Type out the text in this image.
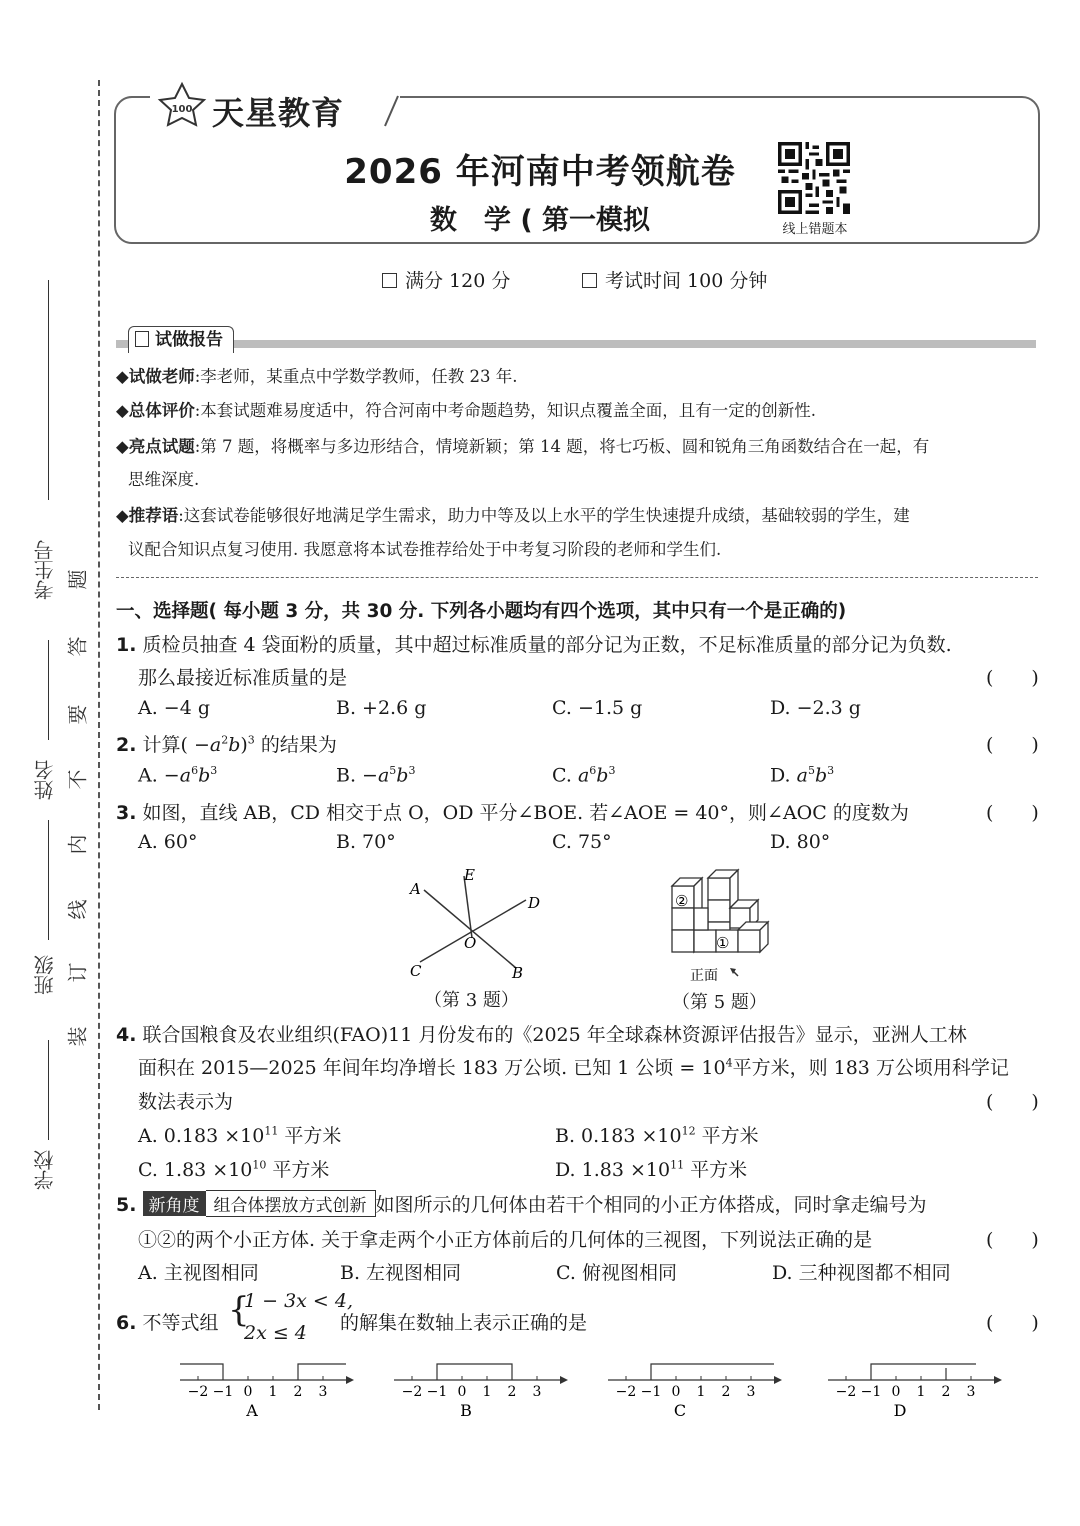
考生号
姓名
班级
学校
题
答
要
不
内
线
订
装
100 天星教育
2026 年河南中考领航卷
数　学 ( 第一模拟	线上错题本
满分 120 分	考试时间 100 分钟
试做报告
◆试做老师:李老师，某重点中学数学教师，任教 23 年.
◆总体评价:本套试题难易度适中，符合河南中考命题趋势，知识点覆盖全面，且有一定的创新性.
◆亮点试题:第 7 题，将概率与多边形结合，情境新颖；第 14 题，将七巧板、圆和锐角三角函数结合在一起，有
思维深度.
◆推荐语:这套试卷能够很好地满足学生需求，助力中等及以上水平的学生快速提升成绩，基础较弱的学生，建
议配合知识点复习使用. 我愿意将本试卷推荐给处于中考复习阶段的老师和学生们.
一、选择题( 每小题 3 分，共 30 分. 下列各小题均有四个选项，其中只有一个是正确的)
1. 质检员抽查 4 袋面粉的质量，其中超过标准质量的部分记为正数，不足标准质量的部分记为负数.
那么最接近标准质量的是	(　　)
A. −4 g	B. +2.6 g	C. −1.5 g	D. −2.3 g
2. 计算( $-a^2b)^3$ 的结果为	(　　)
A. $-a^6b^3$	B. $-a^5b^3$	C. $a^6b^3$	D. $a^5b^3$
3. 如图，直线 AB，CD 相交于点 O，OD 平分∠BOE. 若∠AOE = 40°，则∠AOC 的度数为	(　　)
A. 60°	B. 70°	C. 75°	D. 80°
A
E
D
O
C	B
（第 3 题）
②
①
正面
（第 5 题）
4. 联合国粮食及农业组织(FAO)11 月份发布的《2025 年全球森林资源评估报告》显示，亚洲人工林
面积在 2015—2025 年间年均净增长 183 万公顷. 已知 1 公顷 = $10^4$平方米，则 183 万公顷用科学记
数法表示为	(　　)
A. $0.183 \times 10^{11}$ 平方米	B. $0.183 \times 10^{12}$ 平方米
C. $1.83 \times 10^{10}$ 平方米	D. $1.83 \times 10^{11}$ 平方米
5. 新角度 组合体摆放方式创新 如图所示的几何体由若干个相同的小正方体搭成，同时拿走编号为
①②的两个小正方体. 关于拿走两个小正方体前后的几何体的三视图，下列说法正确的是	(　　)
A. 主视图相同	B. 左视图相同	C. 俯视图相同	D. 三种视图都不相同
6. 不等式组 {
1 − 3x < 4,
2x ≤ 4 的解集在数轴上表示正确的是	(　　)
−2 −1 0 1 2 3
A
−2 −1 0 1 2 3
B
−2 −1 0 1 2 3
C
−2 −1 0 1 2 3
D
